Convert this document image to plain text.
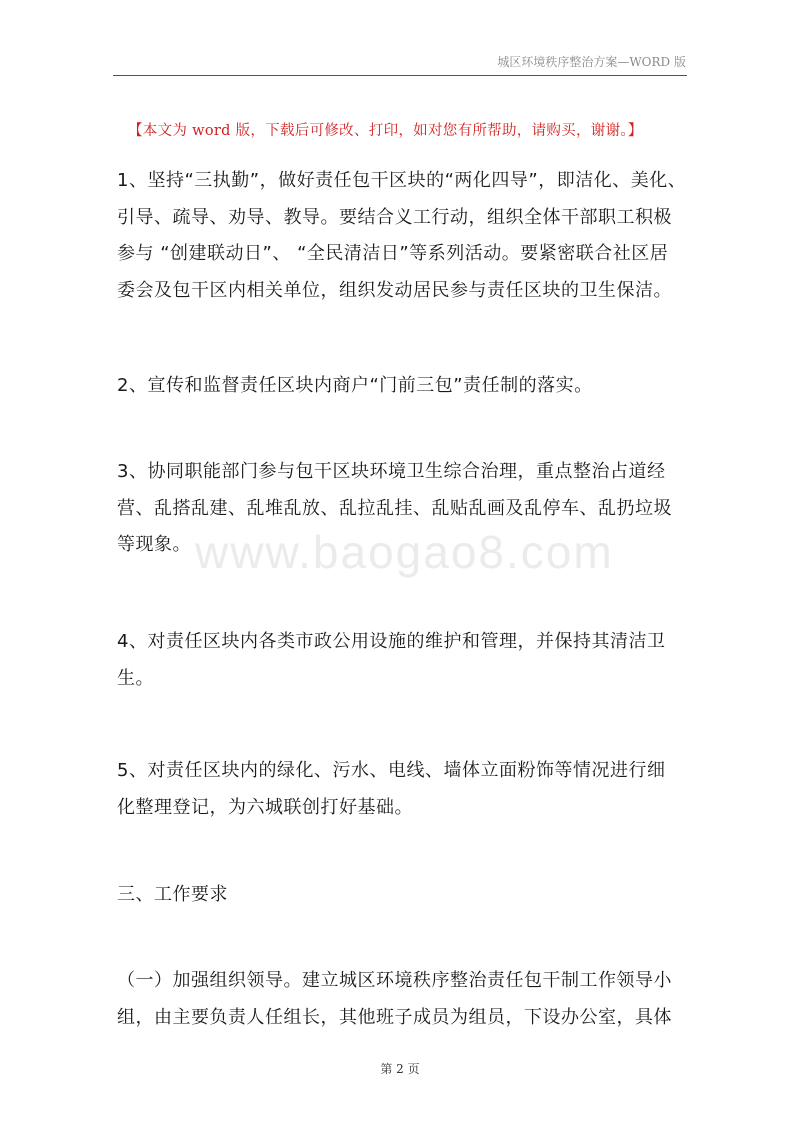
城区环境秩序整治方案—WORD 版
【本文为 word 版，下载后可修改、打印，如对您有所帮助，请购买，谢谢。】
www.baogao8.com
1、坚持“三执勤”，做好责任包干区块的“两化四导”，即洁化、美化、
引导、疏导、劝导、教导。要结合义工行动，组织全体干部职工积极
参与 “创建联动日”、 “全民清洁日”等系列活动。要紧密联合社区居
委会及包干区内相关单位，组织发动居民参与责任区块的卫生保洁。
2、宣传和监督责任区块内商户“门前三包”责任制的落实。
3、协同职能部门参与包干区块环境卫生综合治理，重点整治占道经
营、乱搭乱建、乱堆乱放、乱拉乱挂、乱贴乱画及乱停车、乱扔垃圾
等现象。
4、对责任区块内各类市政公用设施的维护和管理，并保持其清洁卫
生。
5、对责任区块内的绿化、污水、电线、墙体立面粉饰等情况进行细
化整理登记，为六城联创打好基础。
三、工作要求
（一）加强组织领导。建立城区环境秩序整治责任包干制工作领导小
组，由主要负责人任组长，其他班子成员为组员，下设办公室，具体
第 2 页
